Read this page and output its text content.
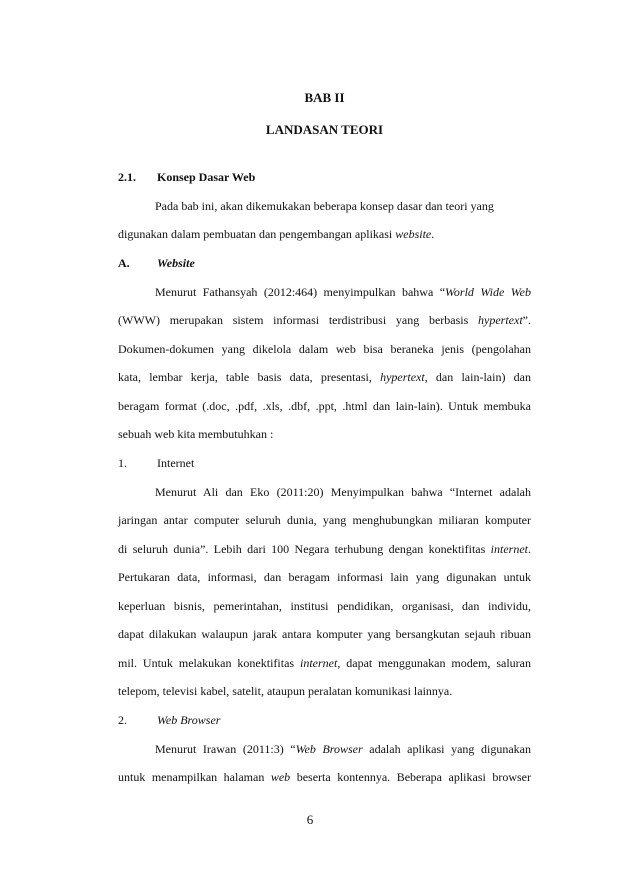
BAB II
LANDASAN TEORI
2.1. Konsep Dasar Web
Pada bab ini, akan dikemukakan beberapa konsep dasar dan teori yang
digunakan dalam pembuatan dan pengembangan aplikasi website.
A. Website
Menurut Fathansyah (2012:464) menyimpulkan bahwa “World Wide Web
(WWW) merupakan sistem informasi terdistribusi yang berbasis hypertext”.
Dokumen-dokumen yang dikelola dalam web bisa beraneka jenis (pengolahan
kata, lembar kerja, table basis data, presentasi, hypertext, dan lain-lain) dan
beragam format (.doc, .pdf, .xls, .dbf, .ppt, .html dan lain-lain). Untuk membuka
sebuah web kita membutuhkan :
1.	Internet
Menurut Ali dan Eko (2011:20) Menyimpulkan bahwa “Internet adalah
jaringan antar computer seluruh dunia, yang menghubungkan miliaran komputer
di seluruh dunia”. Lebih dari 100 Negara terhubung dengan konektifitas internet.
Pertukaran data, informasi, dan beragam informasi lain yang digunakan untuk
keperluan bisnis, pemerintahan, institusi pendidikan, organisasi, dan individu,
dapat dilakukan walaupun jarak antara komputer yang bersangkutan sejauh ribuan
mil. Untuk melakukan konektifitas internet, dapat menggunakan modem, saluran
telepom, televisi kabel, satelit, ataupun peralatan komunikasi lainnya.
2.	Web Browser
Menurut Irawan (2011:3) “Web Browser adalah aplikasi yang digunakan
untuk menampilkan halaman web beserta kontennya. Beberapa aplikasi browser
6
